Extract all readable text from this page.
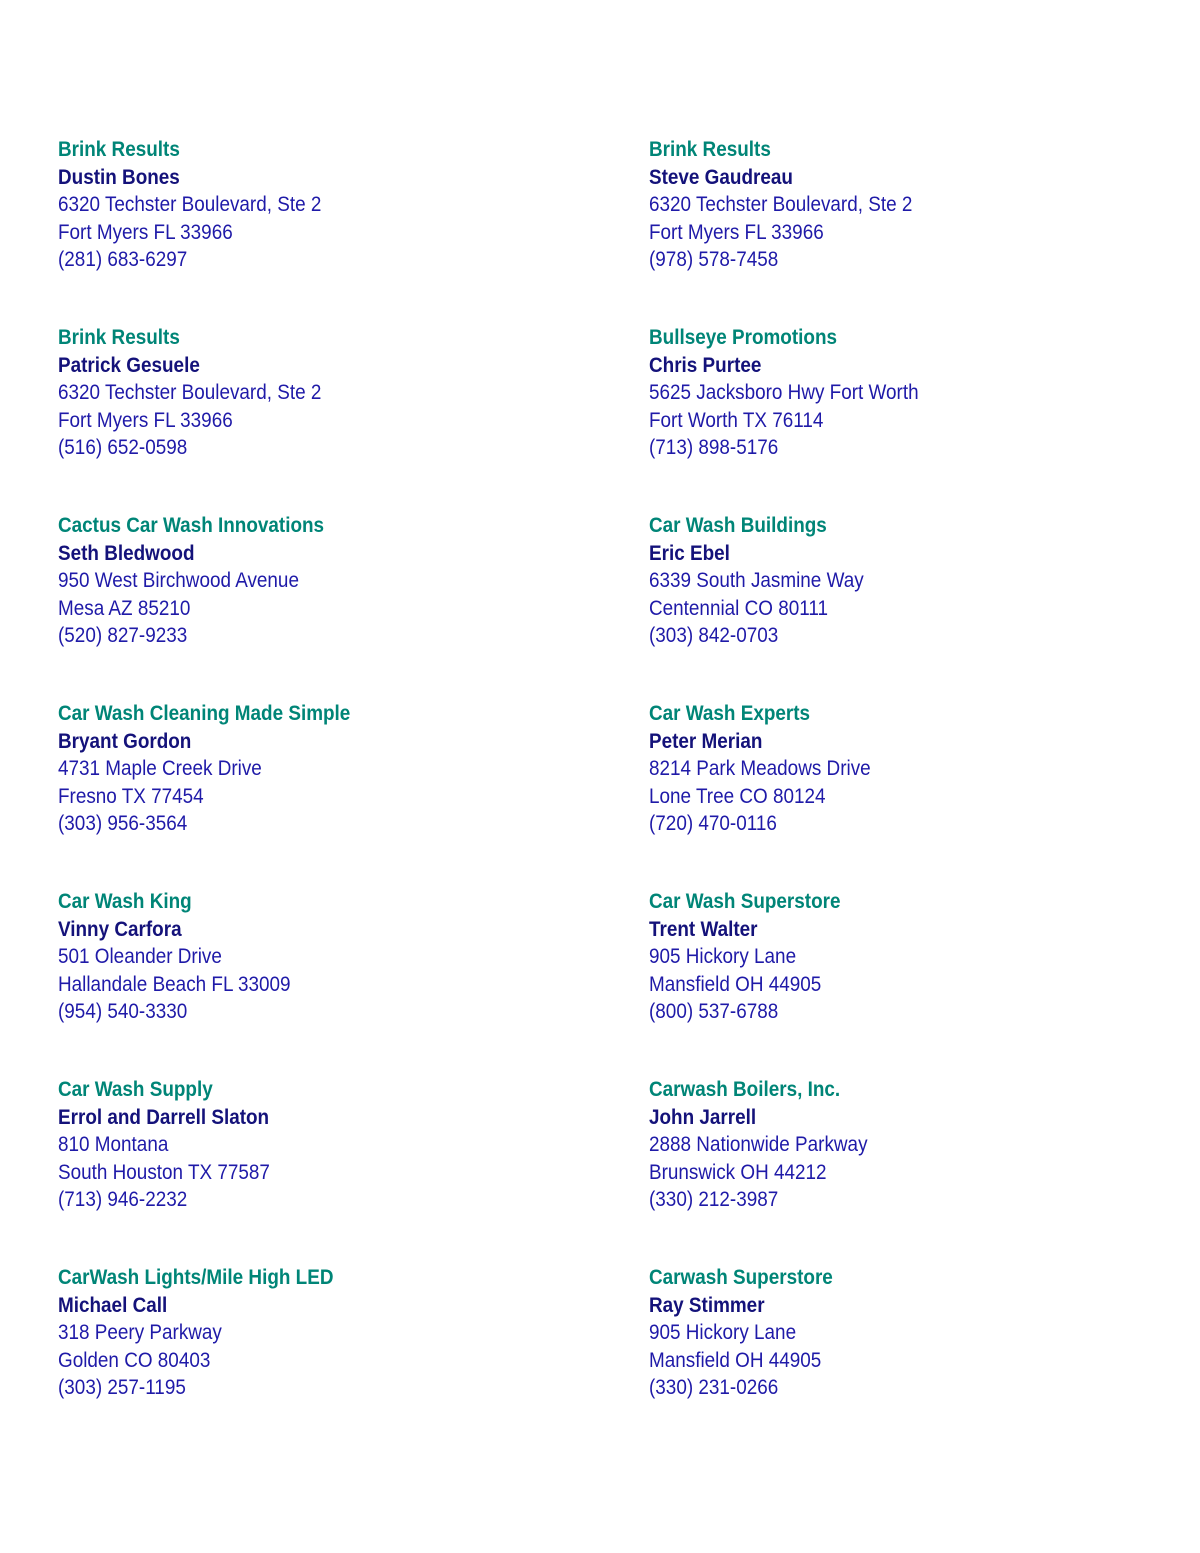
Brink Results
Dustin Bones
6320 Techster Boulevard, Ste 2
Fort Myers FL 33966
(281) 683-6297
Brink Results
Patrick Gesuele
6320 Techster Boulevard, Ste 2
Fort Myers FL 33966
(516) 652-0598
Cactus Car Wash Innovations
Seth Bledwood
950 West Birchwood Avenue
Mesa AZ 85210
(520) 827-9233
Car Wash Cleaning Made Simple
Bryant Gordon
4731 Maple Creek Drive
Fresno TX 77454
(303) 956-3564
Car Wash King
Vinny Carfora
501 Oleander Drive
Hallandale Beach FL 33009
(954) 540-3330
Car Wash Supply
Errol and Darrell Slaton
810 Montana
South Houston TX 77587
(713) 946-2232
CarWash Lights/Mile High LED
Michael Call
318 Peery Parkway
Golden CO 80403
(303) 257-1195
Brink Results
Steve Gaudreau
6320 Techster Boulevard, Ste 2
Fort Myers FL 33966
(978) 578-7458
Bullseye Promotions
Chris Purtee
5625 Jacksboro Hwy Fort Worth
Fort Worth TX 76114
(713) 898-5176
Car Wash Buildings
Eric Ebel
6339 South Jasmine Way
Centennial CO 80111
(303) 842-0703
Car Wash Experts
Peter Merian
8214 Park Meadows Drive
Lone Tree CO 80124
(720) 470-0116
Car Wash Superstore
Trent Walter
905 Hickory Lane
Mansfield OH 44905
(800) 537-6788
Carwash Boilers, Inc.
John Jarrell
2888 Nationwide Parkway
Brunswick OH 44212
(330) 212-3987
Carwash Superstore
Ray Stimmer
905 Hickory Lane
Mansfield OH 44905
(330) 231-0266
